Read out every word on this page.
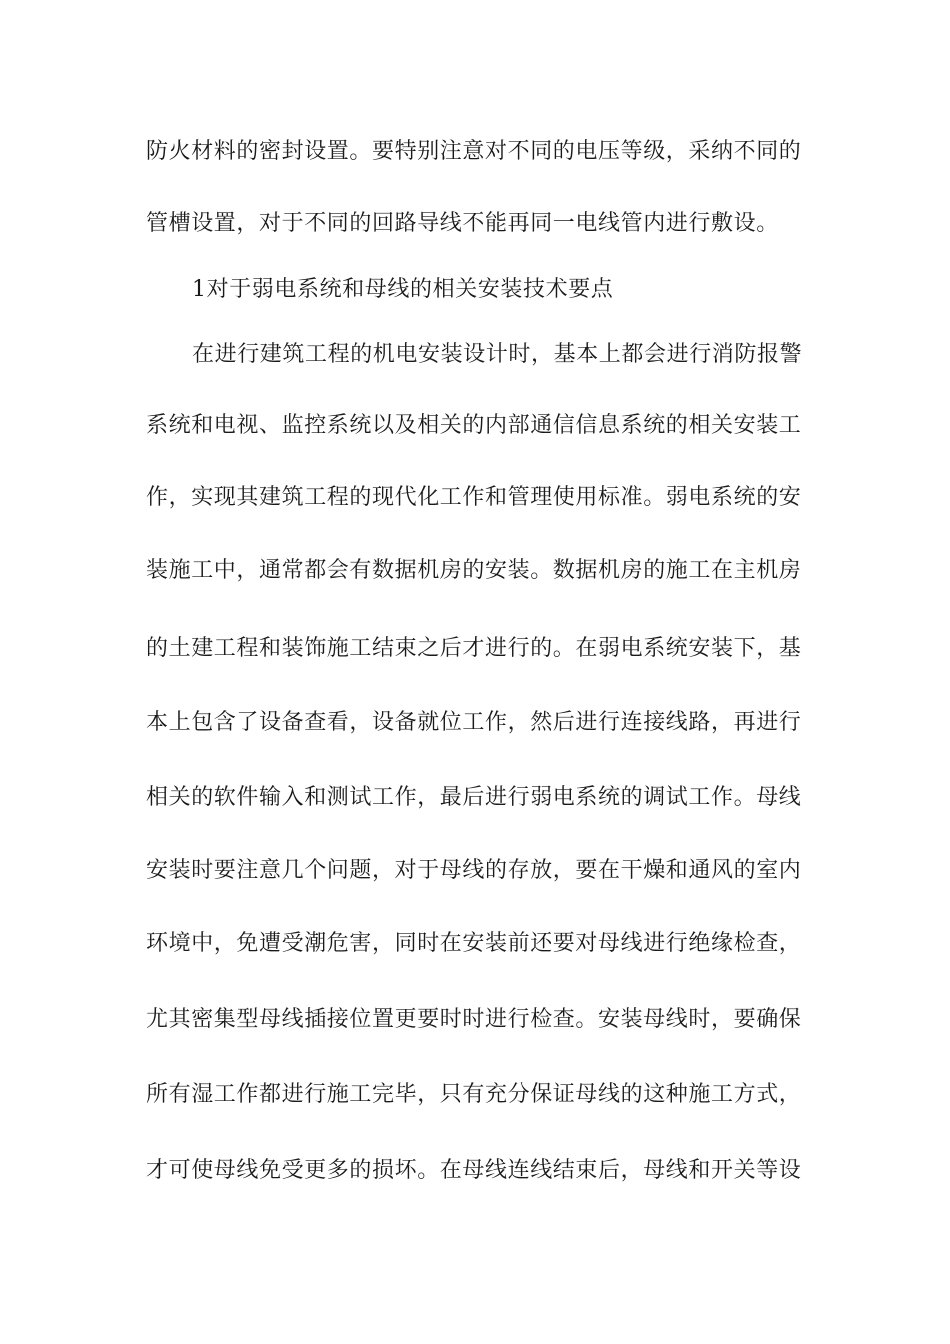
防火材料的密封设置。要特别注意对不同的电压等级，采纳不同的
管槽设置，对于不同的回路导线不能再同一电线管内进行敷设。
1对于弱电系统和母线的相关安装技术要点
在进行建筑工程的机电安装设计时，基本上都会进行消防报警
系统和电视、监控系统以及相关的内部通信信息系统的相关安装工
作，实现其建筑工程的现代化工作和管理使用标准。弱电系统的安
装施工中，通常都会有数据机房的安装。数据机房的施工在主机房
的土建工程和装饰施工结束之后才进行的。在弱电系统安装下，基
本上包含了设备查看，设备就位工作，然后进行连接线路，再进行
相关的软件输入和测试工作，最后进行弱电系统的调试工作。母线
安装时要注意几个问题，对于母线的存放，要在干燥和通风的室内
环境中，免遭受潮危害，同时在安装前还要对母线进行绝缘检查，
尤其密集型母线插接位置更要时时进行检查。安装母线时，要确保
所有湿工作都进行施工完毕，只有充分保证母线的这种施工方式，
才可使母线免受更多的损坏。在母线连线结束后，母线和开关等设
